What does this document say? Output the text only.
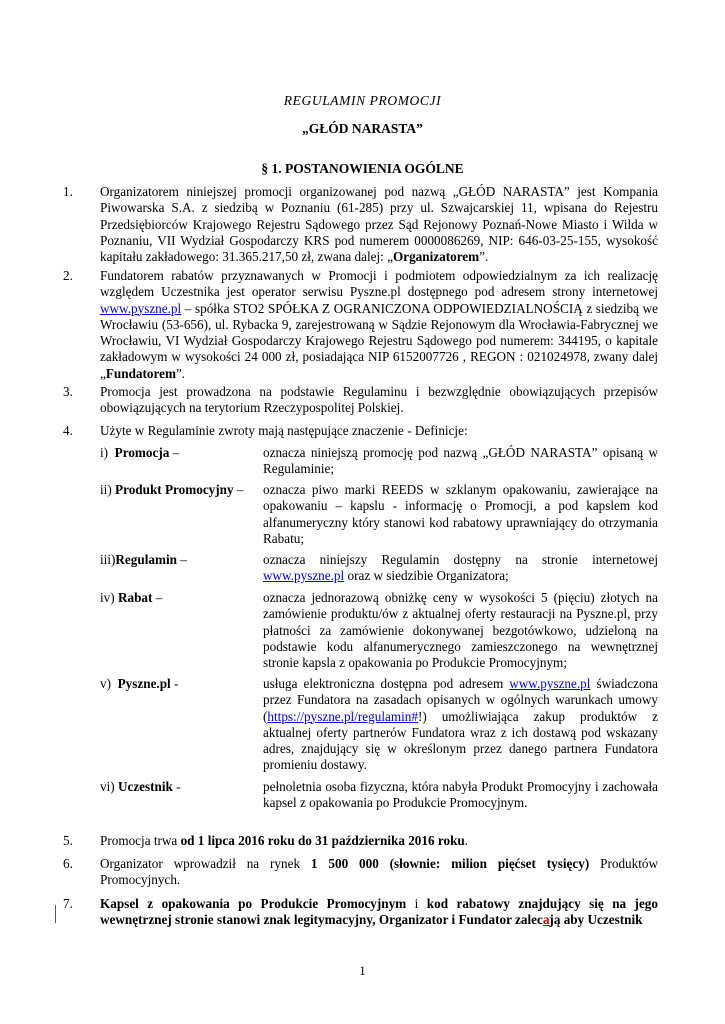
REGULAMIN PROMOCJI
„GŁÓD NARASTA”
§ 1. POSTANOWIENIA OGÓLNE
1. Organizatorem niniejszej promocji organizowanej pod nazwą „GŁÓD NARASTA” jest Kompania Piwowarska S.A. z siedzibą w Poznaniu (61-285) przy ul. Szwajcarskiej 11, wpisana do Rejestru Przedsiębiorców Krajowego Rejestru Sądowego przez Sąd Rejonowy Poznań-Nowe Miasto i Wilda w Poznaniu, VII Wydział Gospodarczy KRS pod numerem 0000086269, NIP: 646-03-25-155, wysokość kapitału zakładowego: 31.365.217,50 zł, zwana dalej: „Organizatorem”.
2. Fundatorem rabatów przyznawanych w Promocji i podmiotem odpowiedzialnym za ich realizację względem Uczestnika jest operator serwisu Pyszne.pl dostępnego pod adresem strony internetowej www.pyszne.pl – spółka STO2 SPÓŁKA Z OGRANICZONA ODPOWIEDZIALNOŚCIĄ z siedzibą we Wrocławiu (53-656), ul. Rybacka 9, zarejestrowaną w Sądzie Rejonowym dla Wrocławia-Fabrycznej we Wrocławiu, VI Wydział Gospodarczy Krajowego Rejestru Sądowego pod numerem: 344195, o kapitale zakładowym w wysokości 24 000 zł, posiadająca NIP 6152007726 , REGON : 021024978, zwany dalej „Fundatorem”.
3. Promocja jest prowadzona na podstawie Regulaminu i bezwzględnie obowiązujących przepisów obowiązujących na terytorium Rzeczypospolitej Polskiej.
4. Użyte w Regulaminie zwroty mają następujące znaczenie - Definicje:
i) Promocja –	oznacza niniejszą promocję pod nazwą „GŁÓD NARASTA” opisaną w Regulaminie;
ii) Produkt Promocyjny –	oznacza piwo marki REEDS w szklanym opakowaniu, zawierające na opakowaniu – kapslu - informację o Promocji, a pod kapslem kod alfanumeryczny który stanowi kod rabatowy uprawniający do otrzymania Rabatu;
iii)Regulamin –	oznacza niniejszy Regulamin dostępny na stronie internetowej www.pyszne.pl oraz w siedzibie Organizatora;
iv) Rabat –	oznacza jednorazową obniżkę ceny w wysokości 5 (pięciu) złotych na zamówienie produktu/ów z aktualnej oferty restauracji na Pyszne.pl, przy płatności za zamówienie dokonywanej bezgotówkowo, udzieloną na podstawie kodu alfanumerycznego zamieszczonego na wewnętrznej stronie kapsla z opakowania po Produkcie Promocyjnym;
v) Pyszne.pl -	usługa elektroniczna dostępna pod adresem www.pyszne.pl świadczona przez Fundatora na zasadach opisanych w ogólnych warunkach umowy (https://pyszne.pl/regulamin#!) umożliwiająca zakup produktów z aktualnej oferty partnerów Fundatora wraz z ich dostawą pod wskazany adres, znajdujący się w określonym przez danego partnera Fundatora promieniu dostawy.
vi) Uczestnik -	pełnoletnia osoba fizyczna, która nabyła Produkt Promocyjny i zachowała kapsel z opakowania po Produkcie Promocyjnym.
5. Promocja trwa od 1 lipca 2016 roku do 31 października 2016 roku.
6. Organizator wprowadził na rynek 1 500 000 (słownie: milion pięćset tysięcy) Produktów Promocyjnych.
7. Kapsel z opakowania po Produkcie Promocyjnym i kod rabatowy znajdujący się na jego wewnętrznej stronie stanowi znak legitymacyjny, Organizator i Fundator zalecają aby Uczestnik
1
